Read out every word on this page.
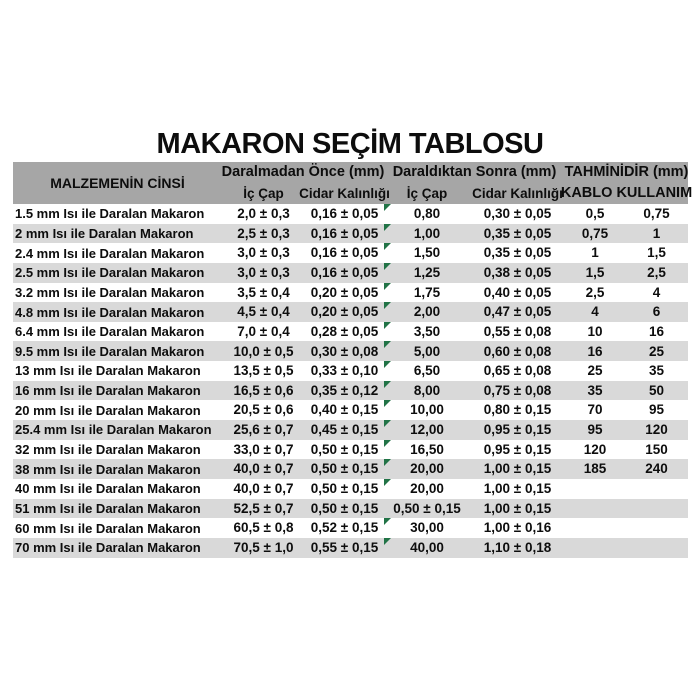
MAKARON SEÇİM TABLOSU
MALZEMENİN CİNSİ
Daralmadan Önce (mm) Daraldıktan Sonra (mm) TAHMİNİDİR (mm)
İç Çap	Cidar Kalınlığı	İç Çap	Cidar Kalınlığı
KABLO KULLANIM
1.5 mm Isı ile Daralan Makaron	2,0 ± 0,3	0,16 ± 0,05	0,80	0,30 ± 0,05	0,5	0,75
2 mm Isı ile Daralan Makaron	2,5 ± 0,3	0,16 ± 0,05	1,00	0,35 ± 0,05	0,75	1
2.4 mm Isı ile Daralan Makaron	3,0 ± 0,3	0,16 ± 0,05	1,50	0,35 ± 0,05	1	1,5
2.5 mm Isı ile Daralan Makaron	3,0 ± 0,3	0,16 ± 0,05	1,25	0,38 ± 0,05	1,5	2,5
3.2 mm Isı ile Daralan Makaron	3,5 ± 0,4	0,20 ± 0,05	1,75	0,40 ± 0,05	2,5	4
4.8 mm Isı ile Daralan Makaron	4,5 ± 0,4	0,20 ± 0,05	2,00	0,47 ± 0,05	4	6
6.4 mm Isı ile Daralan Makaron	7,0 ± 0,4	0,28 ± 0,05	3,50	0,55 ± 0,08	10	16
9.5 mm Isı ile Daralan Makaron	10,0 ± 0,5	0,30 ± 0,08	5,00	0,60 ± 0,08	16	25
13 mm Isı ile Daralan Makaron	13,5 ± 0,5	0,33 ± 0,10	6,50	0,65 ± 0,08	25	35
16 mm Isı ile Daralan Makaron	16,5 ± 0,6	0,35 ± 0,12	8,00	0,75 ± 0,08	35	50
20 mm Isı ile Daralan Makaron	20,5 ± 0,6	0,40 ± 0,15	10,00	0,80 ± 0,15	70	95
25.4 mm Isı ile Daralan Makaron	25,6 ± 0,7	0,45 ± 0,15	12,00	0,95 ± 0,15	95	120
32 mm Isı ile Daralan Makaron	33,0 ± 0,7	0,50 ± 0,15	16,50	0,95 ± 0,15	120	150
38 mm Isı ile Daralan Makaron	40,0 ± 0,7	0,50 ± 0,15	20,00	1,00 ± 0,15	185	240
40 mm Isı ile Daralan Makaron	40,0 ± 0,7	0,50 ± 0,15	20,00	1,00 ± 0,15
51 mm Isı ile Daralan Makaron	52,5 ± 0,7	0,50 ± 0,15	0,50 ± 0,15	1,00 ± 0,15
60 mm Isı ile Daralan Makaron	60,5 ± 0,8	0,52 ± 0,15	30,00	1,00 ± 0,16
70 mm Isı ile Daralan Makaron	70,5 ± 1,0	0,55 ± 0,15	40,00	1,10 ± 0,18
